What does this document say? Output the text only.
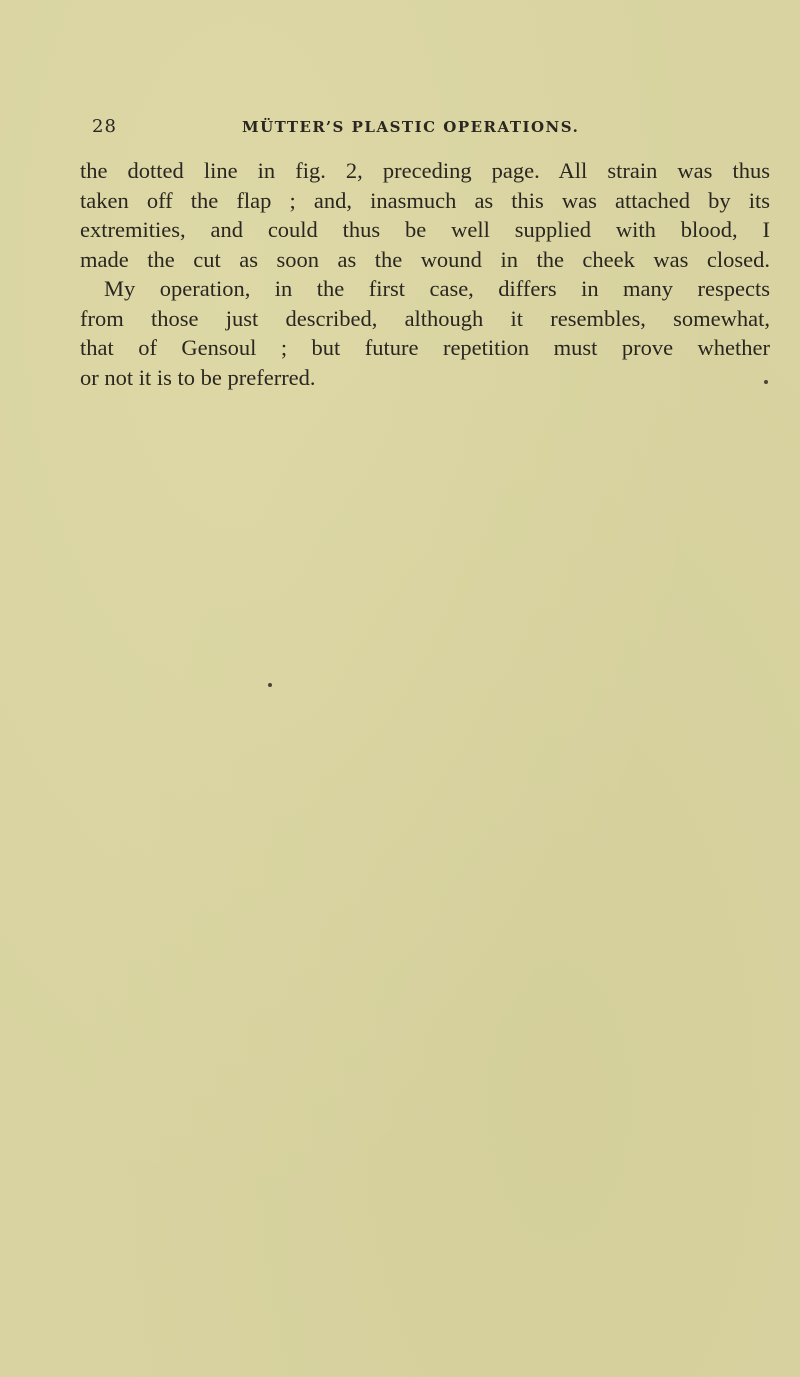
28	MÜTTER’S PLASTIC OPERATIONS.
the dotted line in fig. 2, preceding page. All strain was thus
taken off the flap ; and, inasmuch as this was attached by its
extremities, and could thus be well supplied with blood, I
made the cut as soon as the wound in the cheek was closed.
My operation, in the first case, differs in many respects
from those just described, although it resembles, somewhat,
that of Gensoul ; but future repetition must prove whether
or not it is to be preferred.
